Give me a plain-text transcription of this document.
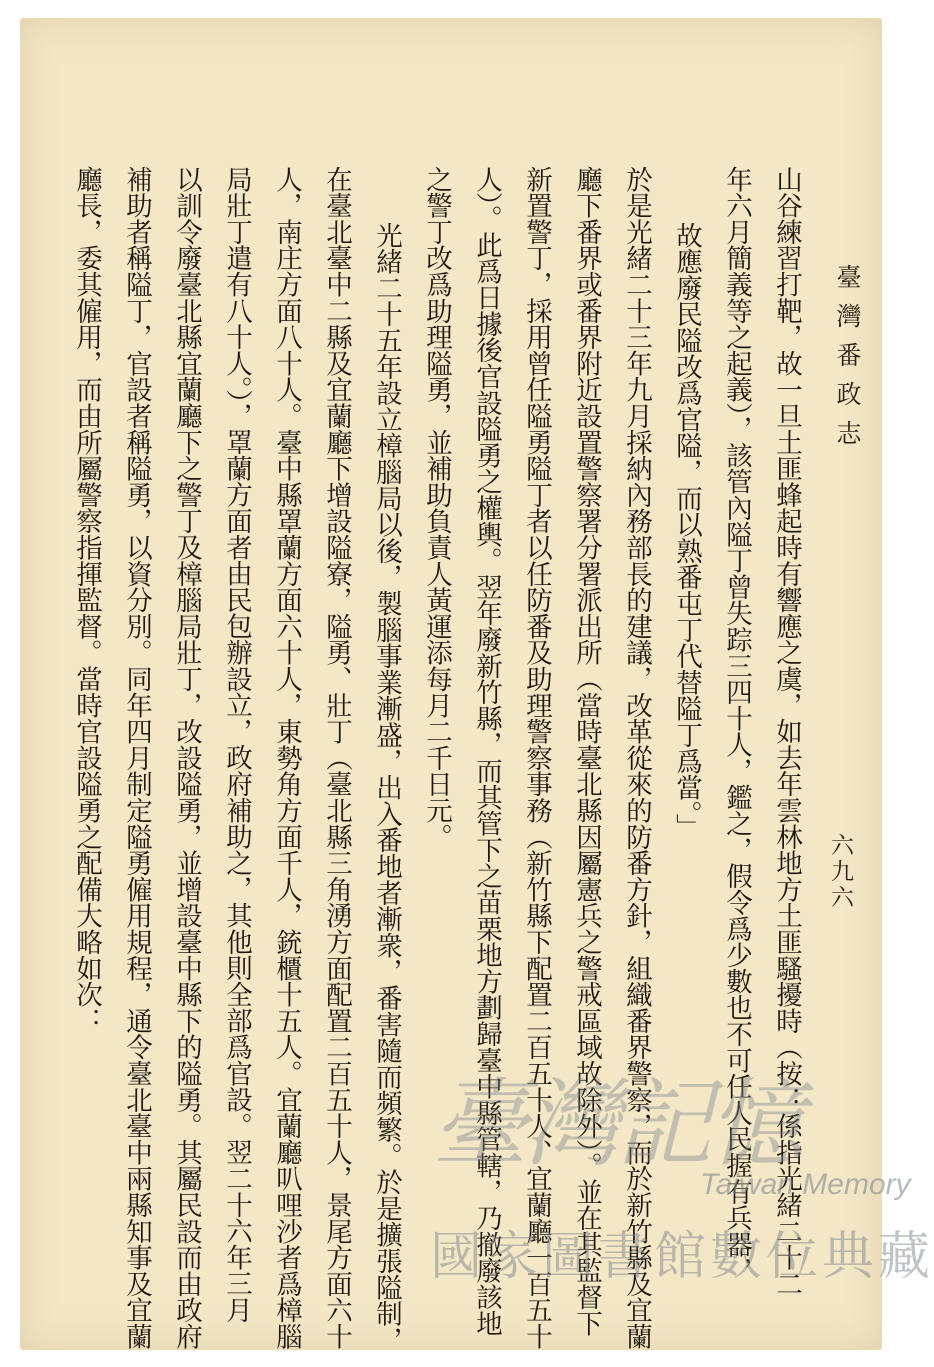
臺灣番政志
六九六
山谷練習打靶，故一旦土匪蜂起時有響應之虞，如去年雲林地方土匪騷擾時（按：係指光緒二十二
年六月簡義等之起義），該管內隘丁曾失踪三四十人，鑑之，假令爲少數也不可任人民握有兵器，
故應廢民隘改爲官隘，而以熟番屯丁代替隘丁爲當。」
於是光緒二十三年九月採納內務部長的建議，改革從來的防番方針，組織番界警察，而於新竹縣及宜蘭
廳下番界或番界附近設置警察署分署派出所（當時臺北縣因屬憲兵之警戒區域故除外）。並在其監督下
新置警丁，採用曾任隘勇隘丁者以任防番及助理警察事務（新竹縣下配置二百五十人、宜蘭廳一百五十
人）。此爲日據後官設隘勇之權輿。翌年廢新竹縣，而其管下之苗栗地方劃歸臺中縣管轄，乃撤廢該地
之警丁改爲助理隘勇，並補助負責人黃運添每月二千日元。
光緒二十五年設立樟腦局以後，製腦事業漸盛，出入番地者漸衆，番害隨而頻繁。於是擴張隘制，
在臺北臺中二縣及宜蘭廳下增設隘寮，隘勇、壯丁（臺北縣三角湧方面配置二百五十人，景尾方面六十
人，南庄方面八十人。臺中縣罩蘭方面六十人，東勢角方面千人，銃櫃十五人。宜蘭廳叭哩沙者爲樟腦
局壯丁遣有八十人。），罩蘭方面者由民包辦設立，政府補助之，其他則全部爲官設。翌二十六年三月
以訓令廢臺北縣宜蘭廳下之警丁及樟腦局壯丁，改設隘勇，並增設臺中縣下的隘勇。其屬民設而由政府
補助者稱隘丁，官設者稱隘勇，以資分別。同年四月制定隘勇僱用規程，通令臺北臺中兩縣知事及宜蘭
廳長，委其僱用，而由所屬警察指揮監督。當時官設隘勇之配備大略如次：
臺灣記憶
Taiwan Memory
國家圖書館數位典藏
